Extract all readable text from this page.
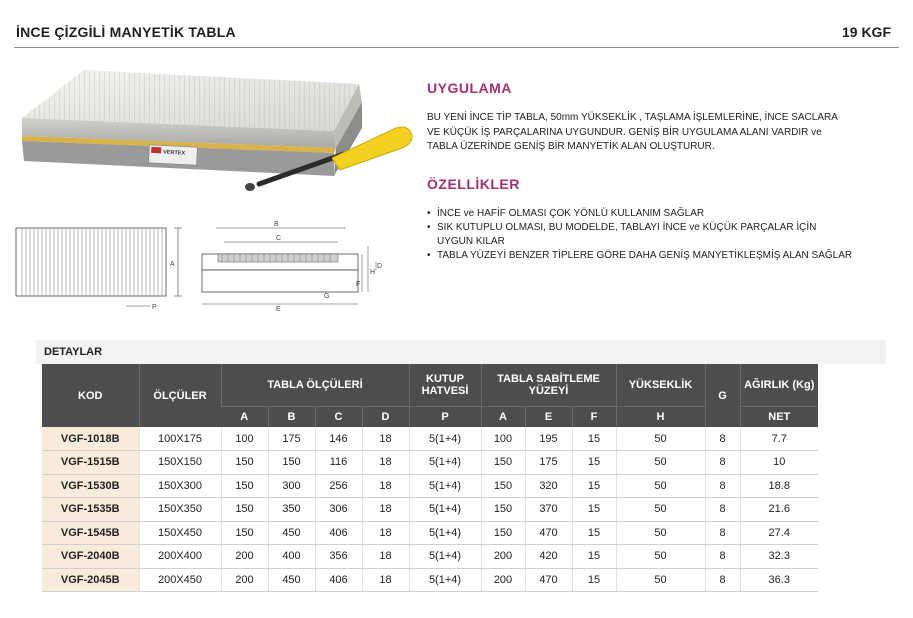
İNCE ÇİZGİLİ MANYETİK TABLA	19 KGF
VERTEX
A
P
B
C
F
H
D
G
E
UYGULAMA
BU YENİ İNCE TİP TABLA, 50mm YÜKSEKLİK , TAŞLAMA İŞLEMLERİNE, İNCE SACLARA
VE KÜÇÜK İŞ PARÇALARINA UYGUNDUR. GENİŞ BİR UYGULAMA ALANI VARDIR ve
TABLA ÜZERİNDE GENİŞ BİR MANYETİK ALAN OLUŞTURUR.
ÖZELLİKLER
• İNCE ve HAFİF OLMASI ÇOK YÖNLÜ KULLANIM SAĞLAR
• SIK KUTUPLU OLMASI, BU MODELDE, TABLAYI İNCE ve KÜÇÜK PARÇALAR İÇİN
UYGUN KILAR
• TABLA YÜZEYİ BENZER TİPLERE GÖRE DAHA GENİŞ MANYETİKLEŞMİŞ ALAN SAĞLAR
DETAYLAR
KOD	ÖLÇÜLER	TABLA ÖLÇÜLERİ				KUTUP HATVESİ	TABLA SABİTLEME YÜZEYİ			YÜKSEKLİK	G	AĞIRLIK (Kg)
		A	B	C	D	P	A	E	F	H		NET
VGF-1018B	100X175	100	175	146	18	5(1+4)	100	195	15	50	8	7.7
VGF-1515B	150X150	150	150	116	18	5(1+4)	150	175	15	50	8	10
VGF-1530B	150X300	150	300	256	18	5(1+4)	150	320	15	50	8	18.8
VGF-1535B	150X350	150	350	306	18	5(1+4)	150	370	15	50	8	21.6
VGF-1545B	150X450	150	450	406	18	5(1+4)	150	470	15	50	8	27.4
VGF-2040B	200X400	200	400	356	18	5(1+4)	200	420	15	50	8	32.3
VGF-2045B	200X450	200	450	406	18	5(1+4)	200	470	15	50	8	36.3
